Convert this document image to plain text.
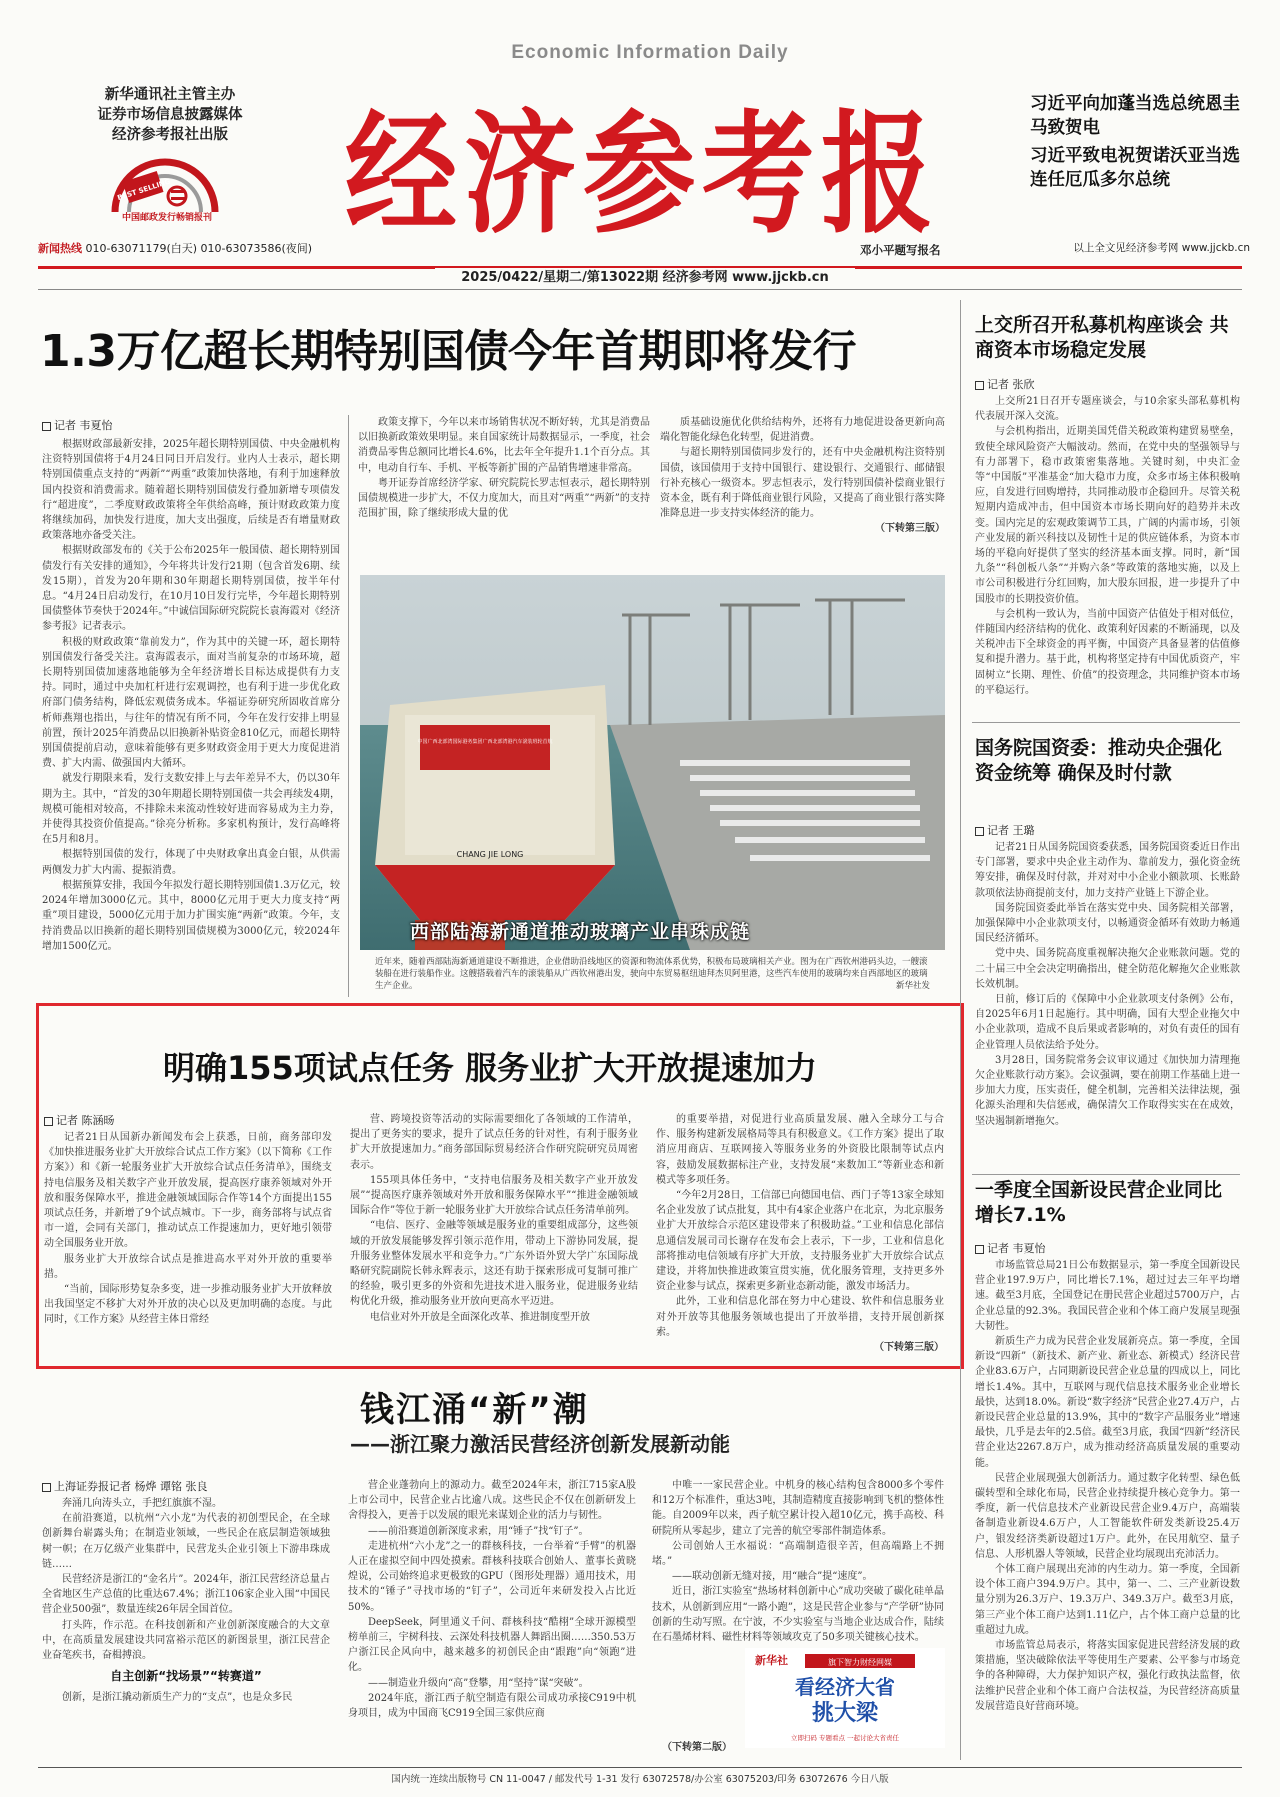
Economic Information Daily
新华通讯社主管主办
证券市场信息披露媒体
经济参考报社出版
BEST SELLING
中国邮政发行畅销报刊 经济参考报
邓小平题写报名
新闻热线 010-63071179(白天) 010-63073586(夜间)

习近平向加蓬当选总统恩圭马致贺电

习近平致电祝贺诺沃亚当选连任厄瓜多尔总统

以上全文见经济参考网 www.jjckb.cn
2025/0422/星期二/第13022期 经济参考网 www.jjckb.cn
1.3万亿超长期特别国债今年首期即将发行
记者 韦夏怡

根据财政部最新安排，2025年超长期特别国债、中央金融机构注资特别国债将于4月24日同日开启发行。业内人士表示，超长期特别国债重点支持的“两新”“两重”政策加快落地，有利于加速释放国内投资和消费需求。随着超长期特别国债发行叠加新增专项债发行“超进度”，二季度财政政策将全年供给高峰，预计财政政策力度将继续加码，加快发行进度，加大支出强度，后续是否有增量财政政策落地亦备受关注。

根据财政部发布的《关于公布2025年一般国债、超长期特别国债发行有关安排的通知》，今年将共计发行21期（包含首发6期、续发15期），首发为20年期和30年期超长期特别国债，按半年付息。“4月24日启动发行，在10月10日发行完毕，今年超长期特别国债整体节奏快于2024年。”中诚信国际研究院院长袁海霞对《经济参考报》记者表示。

积极的财政政策“靠前发力”，作为其中的关键一环，超长期特别国债发行备受关注。袁海霞表示，面对当前复杂的市场环境，超长期特别国债加速落地能够为全年经济增长目标达成提供有力支持。同时，通过中央加杠杆进行宏观调控，也有利于进一步优化政府部门债务结构，降低宏观债务成本。华福证券研究所固收首席分析师燕翔也指出，与往年的情况有所不同，今年在发行安排上明显前置，预计2025年消费品以旧换新补贴资金810亿元，而超长期特别国债提前启动，意味着能够有更多财政资金用于更大力度促进消费、扩大内需、做强国内大循环。

就发行期限来看，发行支数安排上与去年差异不大，仍以30年期为主。其中，“首发的30年期超长期特别国债一共会再续发4期，规模可能相对较高，不排除未来流动性较好进而容易成为主力券，并使得其投资价值提高。”徐亮分析称。多家机构预计，发行高峰将在5月和8月。

根据特别国债的发行，体现了中央财政拿出真金白银，从供需两侧发力扩大内需、提振消费。

根据预算安排，我国今年拟发行超长期特别国债1.3万亿元，较2024年增加3000亿元。其中，8000亿元用于更大力度支持“两重”项目建设，5000亿元用于加力扩围实施“两新”政策。今年，支持消费品以旧换新的超长期特别国债规模为3000亿元，较2024年增加1500亿元。

政策支撑下，今年以来市场销售状况不断好转，尤其是消费品以旧换新政策效果明显。来自国家统计局数据显示，一季度，社会消费品零售总额同比增长4.6%，比去年全年提升1.1个百分点。其中，电动自行车、手机、平板等新扩围的产品销售增速非常高。

粤开证券首席经济学家、研究院院长罗志恒表示，超长期特别国债规模进一步扩大，不仅力度加大，而且对“两重”“两新”的支持范围扩围，除了继续形成大量的优

质基础设施优化供给结构外，还将有力地促进设备更新向高端化智能化绿色化转型，促进消费。

与超长期特别国债同步发行的，还有中央金融机构注资特别国债，该国债用于支持中国银行、建设银行、交通银行、邮储银行补充核心一级资本。罗志恒表示，发行特别国债补偿商业银行资本金，既有利于降低商业银行风险，又提高了商业银行落实降准降息进一步支持实体经济的能力。

（下转第三版）

中国广西北部湾国际港务集团广西北部湾港汽车滚装班轮首航
CHANG JIE LONG
西部陆海新通道推动玻璃产业串珠成链
近年来，随着西部陆海新通道建设不断推进，企业借助沿线地区的资源和物流体系优势，积极布局玻璃相关产业。图为在广西钦州港码头边，一艘滚装船在进行装船作业。这艘搭载着汽车的滚装船从广西钦州港出发，驶向中东贸易枢纽迪拜杰贝阿里港，这些汽车使用的玻璃均来自西部地区的玻璃生产企业。	新华社发
明确155项试点任务 服务业扩大开放提速加力
记者 陈涵旸

记者21日从国新办新闻发布会上获悉，日前，商务部印发《加快推进服务业扩大开放综合试点工作方案》（以下简称《工作方案》）和《新一轮服务业扩大开放综合试点任务清单》，围绕支持电信服务及相关数字产业开放发展，提高医疗康养领域对外开放和服务保障水平，推进金融领域国际合作等14个方面提出155项试点任务，并新增了9个试点城市。下一步，商务部将与试点省市一道，会同有关部门，推动试点工作提速加力，更好地引领带动全国服务业开放。

服务业扩大开放综合试点是推进高水平对外开放的重要举措。

“当前，国际形势复杂多变，进一步推动服务业扩大开放释放出我国坚定不移扩大对外开放的决心以及更加明确的态度。与此同时，《工作方案》从经营主体日常经

营、跨境投资等活动的实际需要细化了各领域的工作清单，提出了更务实的要求，提升了试点任务的针对性，有利于服务业扩大开放提速加力。”商务部国际贸易经济合作研究院研究员周密表示。

155项具体任务中，“支持电信服务及相关数字产业开放发展”“提高医疗康养领域对外开放和服务保障水平”“推进金融领域国际合作”等位于新一轮服务业扩大开放综合试点任务清单前列。

“电信、医疗、金融等领域是服务业的重要组成部分，这些领域的开放发展能够发挥引领示范作用，带动上下游协同发展，提升服务业整体发展水平和竞争力。”广东外语外贸大学广东国际战略研究院副院长韩永辉表示，这还有助于探索形成可复制可推广的经验，吸引更多的外资和先进技术进入服务业，促进服务业结构优化升级，推动服务业开放向更高水平迈进。

电信业对外开放是全面深化改革、推进制度型开放

的重要举措，对促进行业高质量发展、融入全球分工与合作、服务构建新发展格局等具有积极意义。《工作方案》提出了取消应用商店、互联网接入等服务业务的外资股比限制等试点内容，鼓励发展数据标注产业，支持发展“来数加工”等新业态和新模式等多项任务。

“今年2月28日，工信部已向德国电信、西门子等13家全球知名企业发放了试点批复，其中有4家企业落户在北京，为北京服务业扩大开放综合示范区建设带来了积极助益。”工业和信息化部信息通信发展司司长谢存在发布会上表示，下一步，工业和信息化部将推动电信领域有序扩大开放，支持服务业扩大开放综合试点建设，并将加快推进政策宣贯实施，优化服务管理，支持更多外资企业参与试点，探索更多新业态新动能，激发市场活力。

此外，工业和信息化部在努力中心建设、软件和信息服务业对外开放等其他服务领域也提出了开放举措，支持开展创新探索。

（下转第三版）

钱江涌“新”潮
——浙江聚力激活民营经济创新发展新动能
上海证券报记者 杨烨 谭铭 张良

奔涌几向涛头立，手把红旗旗不湿。

在前沿赛道，以杭州“六小龙”为代表的初创型民企，在全球创新舞台崭露头角；在制造业领域，一些民企在底层制造领域独树一帜；在万亿级产业集群中，民营龙头企业引领上下游串珠成链……

民营经济是浙江的“金名片”。2024年，浙江民营经济总量占全省地区生产总值的比重达67.4%；浙江106家企业入围“中国民营企业500强”，数量连续26年居全国首位。

打头阵，作示范。在科技创新和产业创新深度融合的大文章中，在高质量发展建设共同富裕示范区的新图景里，浙江民营企业奋笔疾书，奋楫搏浪。

自主创新“找场景”“转赛道”

创新，是浙江撬动新质生产力的“支点”，也是众多民

营企业蓬勃向上的源动力。截至2024年末，浙江715家A股上市公司中，民营企业占比逾八成。这些民企不仅在创新研发上舍得投入，更善于以发展的眼光来谋划企业的活力与韧性。

——前沿赛道创新深度求索，用“锤子”找“钉子”。

走进杭州“六小龙”之一的群核科技，一台举着“手臂”的机器人正在虚拟空间中四处摸索。群核科技联合创始人、董事长黄晓煌说，公司始终追求更极致的GPU（图形处理器）通用技术，用技术的“锤子”寻找市场的“钉子”，公司近年来研发投入占比近50%。

DeepSeek，阿里通义千问、群核科技“酷栩”全球开源模型榜单前三，宇树科技、云深处科技机器人舞蹈出圈……350.53万户浙江民企风向中，越来越多的初创民企由“跟跑”向“领跑”进化。

——制造业升级向“高”登攀，用“坚持”谋“突破”。

2024年底，浙江西子航空制造有限公司成功承接C919中机身项目，成为中国商飞C919全国三家供应商

中唯一一家民营企业。中机身的核心结构包含8000多个零件和12万个标准件，重达3吨，其制造精度直接影响到飞机的整体性能。自2009年以来，西子航空累计投入超10亿元，携手高校、科研院所从零起步，建立了完善的航空零部件制造体系。

公司创始人王水福说：“高端制造很辛苦，但高端路上不拥堵。”

——联动创新无缝对接，用“融合”提“速度”。

近日，浙江实验室“热场材料创新中心”成功突破了碳化硅单晶技术，从创新到应用“一路小跑”，这是民营企业参与“产学研”协同创新的生动写照。在宁波，不少实验室与当地企业达成合作，陆续在石墨烯材料、磁性材料等领域攻克了50多项关键核心技术。

（下转第二版）

新华社	旗下智力财经网媒
看经济大省
挑大梁
立即扫码 专题看点 一起讨论大省责任
上交所召开私募机构座谈会 共商资本市场稳定发展
记者 张欣

上交所21日召开专题座谈会，与10余家头部私募机构代表展开深入交流。

与会机构指出，近期美国凭借关税政策构建贸易壁垒，致使全球风险资产大幅波动。然而，在党中央的坚强领导与有力部署下，稳市政策密集落地。关键时刻，中央汇金等“中国版”平准基金“加大稳市力度，众多市场主体积极响应，自发进行回购增持，共同推动股市企稳回升。尽管关税短期内造成冲击，但中国资本市场长期向好的趋势并未改变。国内完足的宏观政策调节工具，广阔的内需市场，引领产业发展的新兴科技以及韧性十足的供应链体系，为资本市场的平稳向好提供了坚实的经济基本面支撑。同时，新“国九条”“科创板八条”“并购六条”等政策的落地实施，以及上市公司积极进行分红回购，加大股东回报，进一步提升了中国股市的长期投资价值。

与会机构一致认为，当前中国资产估值处于相对低位，伴随国内经济结构的优化、政策利好因素的不断涌现，以及关税冲击下全球资金的再平衡，中国资产具备显著的估值修复和提升潜力。基于此，机构将坚定持有中国优质资产，牢固树立“长期、理性、价值”的投资理念，共同维护资本市场的平稳运行。

国务院国资委：推动央企强化资金统筹 确保及时付款
记者 王璐

记者21日从国务院国资委获悉，国务院国资委近日作出专门部署，要求中央企业主动作为、靠前发力，强化资金统筹安排，确保及时付款，并对对中小企业小额款项、长账龄款项依法协商提前支付，加力支持产业链上下游企业。

国务院国资委此举旨在落实党中央、国务院相关部署，加强保障中小企业款项支付，以畅通资金循环有效助力畅通国民经济循环。

党中央、国务院高度重视解决拖欠企业账款问题。党的二十届三中全会决定明确指出，健全防范化解拖欠企业账款长效机制。

日前，修订后的《保障中小企业款项支付条例》公布，自2025年6月1日起施行。其中明确，国有大型企业拖欠中小企业款项，造成不良后果或者影响的，对负有责任的国有企业管理人员依法给予处分。

3月28日，国务院常务会议审议通过《加快加力清理拖欠企业账款行动方案》。会议强调，要在前期工作基础上进一步加大力度，压实责任，健全机制，完善相关法律法规，强化源头治理和失信惩戒，确保清欠工作取得实实在在成效，坚决遏制新增拖欠。

一季度全国新设民营企业同比增长7.1%
记者 韦夏怡

市场监管总局21日公布数据显示，第一季度全国新设民营企业197.9万户，同比增长7.1%，超过过去三年平均增速。截至3月底，全国登记在册民营企业超过5700万户，占企业总量的92.3%。我国民营企业和个体工商户发展呈现强大韧性。

新质生产力成为民营企业发展新亮点。第一季度，全国新设“四新”（新技术、新产业、新业态、新模式）经济民营企业83.6万户，占同期新设民营企业总量的四成以上，同比增长1.4%。其中，互联网与现代信息技术服务业企业增长最快，达到18.0%。新设“数字经济”民营企业27.4万户，占新设民营企业总量的13.9%，其中的“数字产品服务业”增速最快，几乎是去年的2.5倍。截至3月底，我国“四新”经济民营企业达2267.8万户，成为推动经济高质量发展的重要动能。

民营企业展现强大创新活力。通过数字化转型、绿色低碳转型和全球化布局，民营企业持续提升核心竞争力。第一季度，新一代信息技术产业新设民营企业9.4万户，高端装备制造业新设4.6万户，人工智能软件研发类新设25.4万户，银发经济类新设超过1万户。此外，在民用航空、量子信息、人形机器人等领域，民营企业均展现出充沛活力。

个体工商户展现出充沛的内生动力。第一季度，全国新设个体工商户394.9万户。其中，第一、二、三产业新设数量分别为26.3万户、19.3万户、349.3万户。截至3月底，第三产业个体工商户达到1.11亿户，占个体工商户总量的比重超过九成。

市场监管总局表示，将落实国家促进民营经济发展的政策措施，坚决破除依法平等使用生产要素、公平参与市场竞争的各种障碍，大力保护知识产权，强化行政执法监督，依法维护民营企业和个体工商户合法权益，为民营经济高质量发展营造良好营商环境。

国内统一连续出版物号 CN 11-0047 / 邮发代号 1-31 发行 63072578/办公室 63075203/印务 63072676 今日八版
